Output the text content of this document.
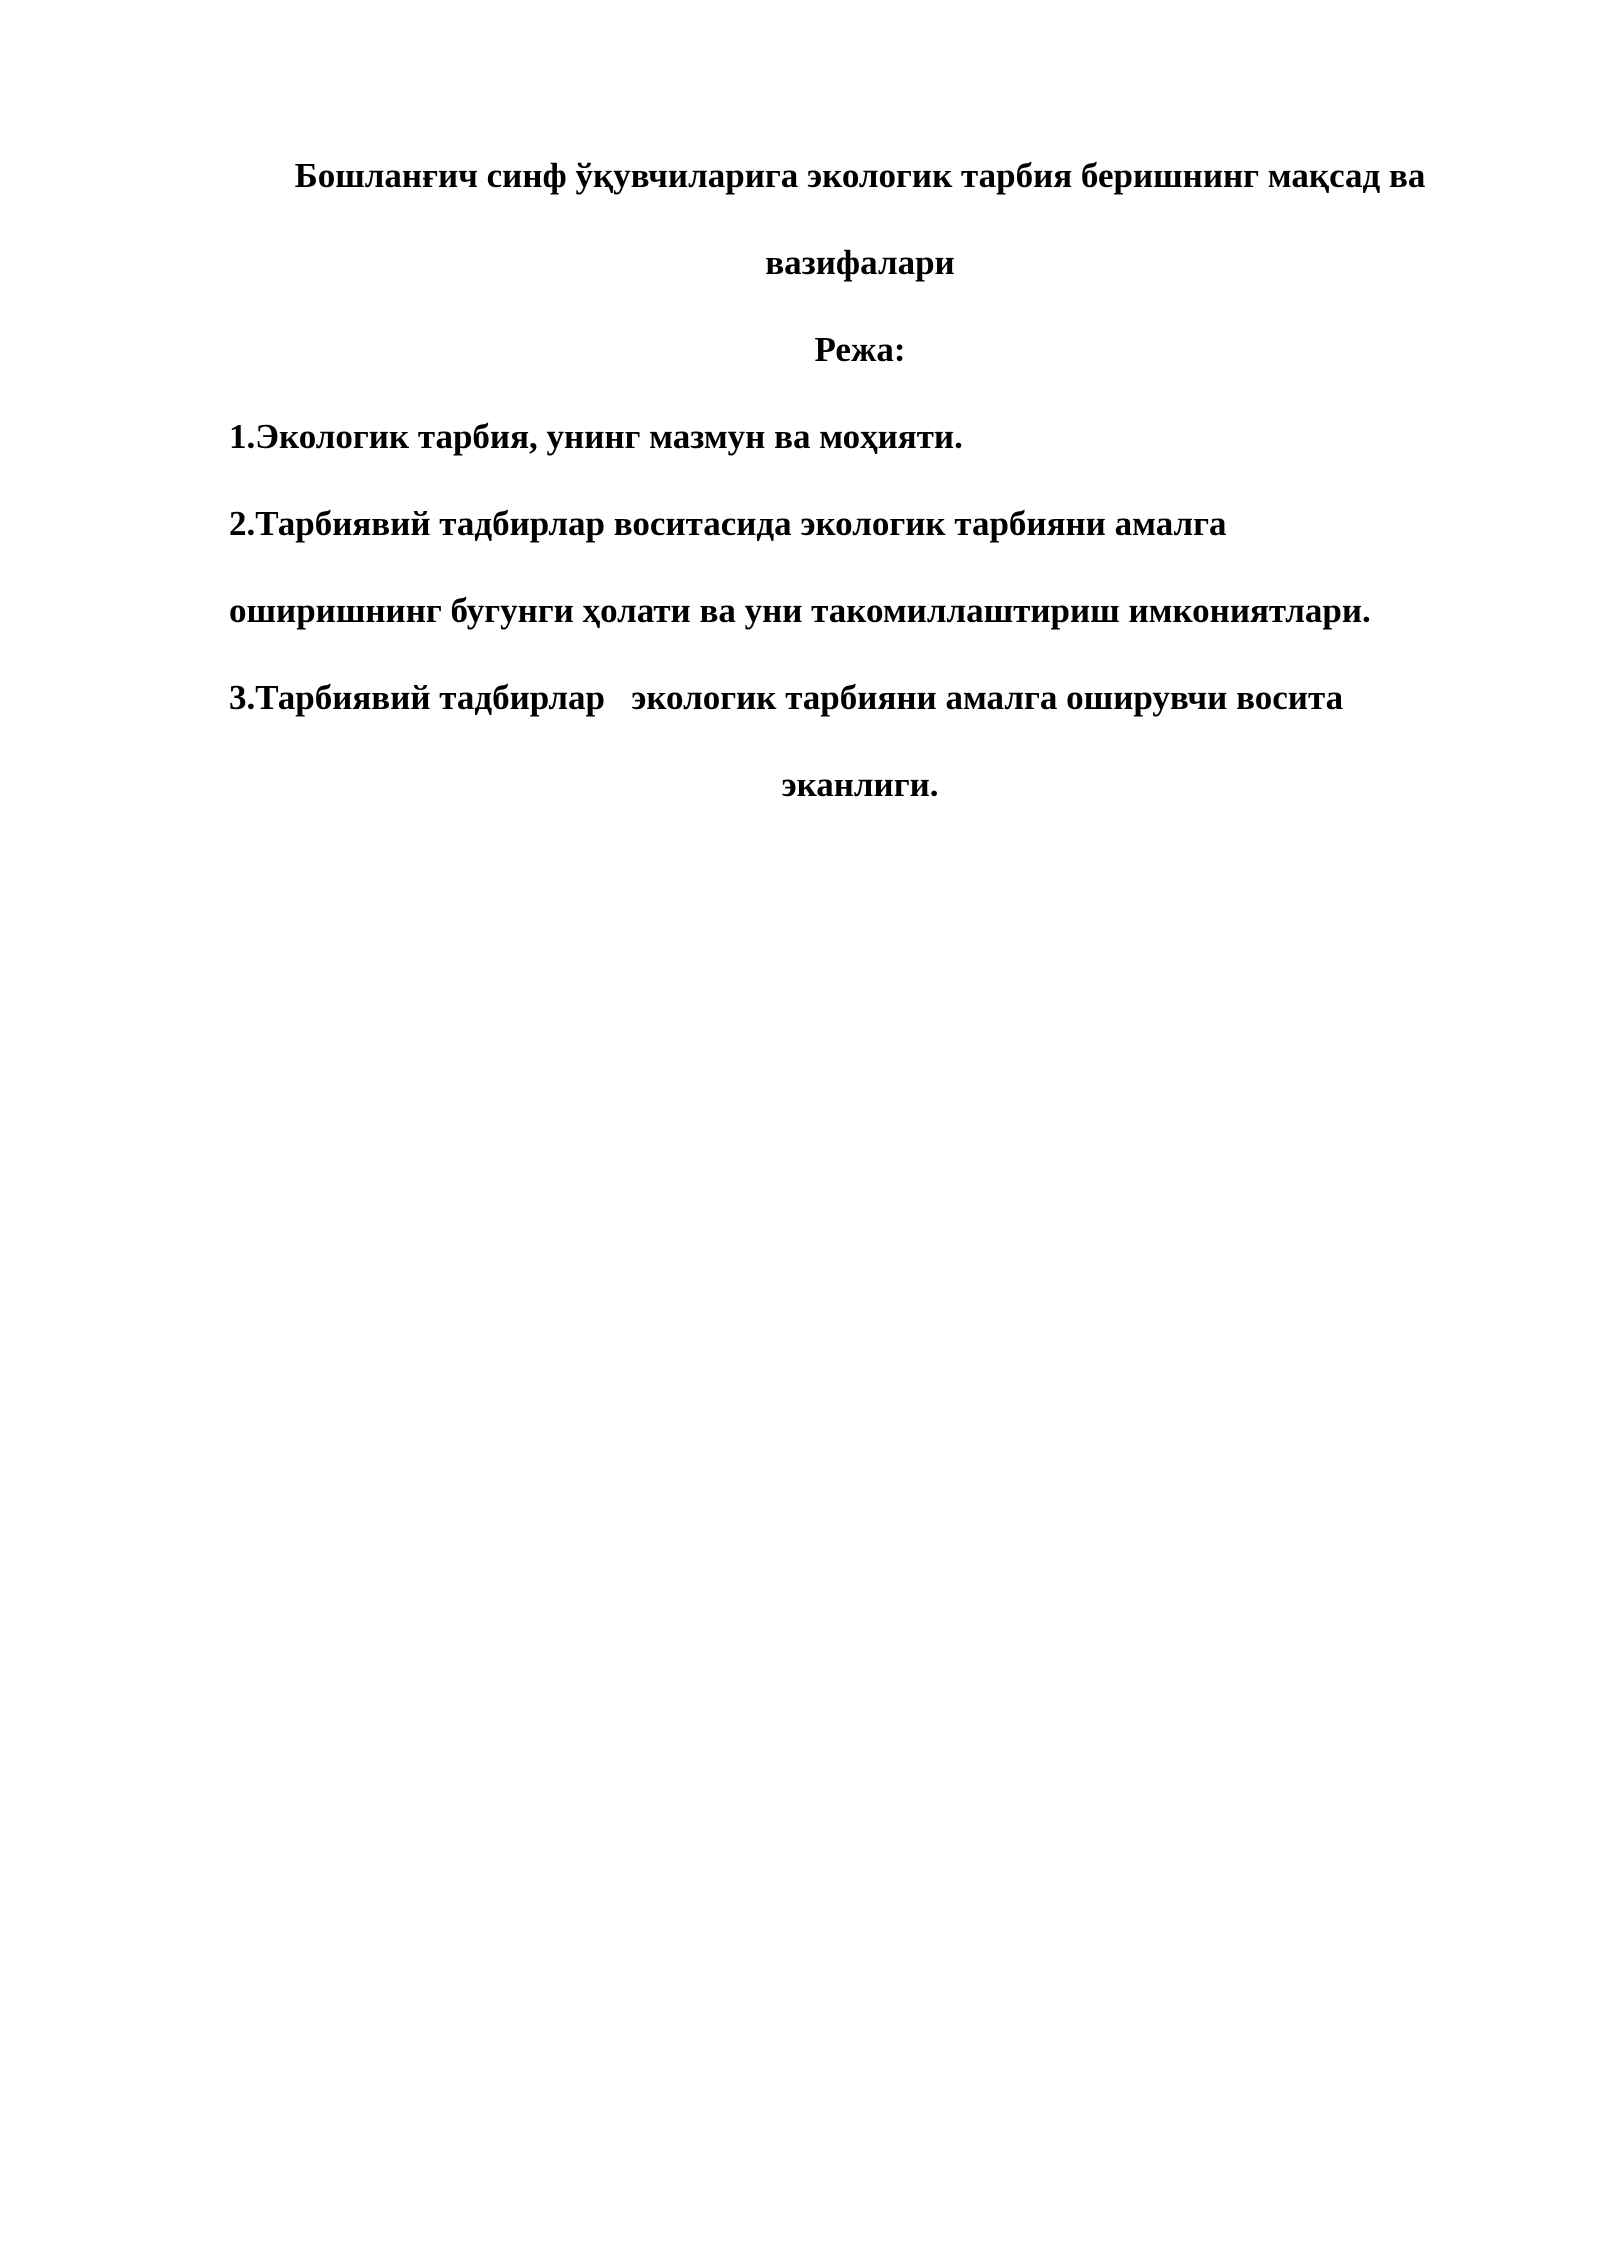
Бошланғич синф ўқувчиларига экологик тарбия беришнинг мақсад ва

вазифалари

Режа:

1.Экологик тарбия, унинг мазмун ва моҳияти.

2.Тарбиявий тадбирлар воситасида экологик тарбияни амалга

оширишнинг бугунги ҳолати ва уни такомиллаштириш имкониятлари.

3.Тарбиявий тадбирлар   экологик тарбияни амалга оширувчи восита

эканлиги.
